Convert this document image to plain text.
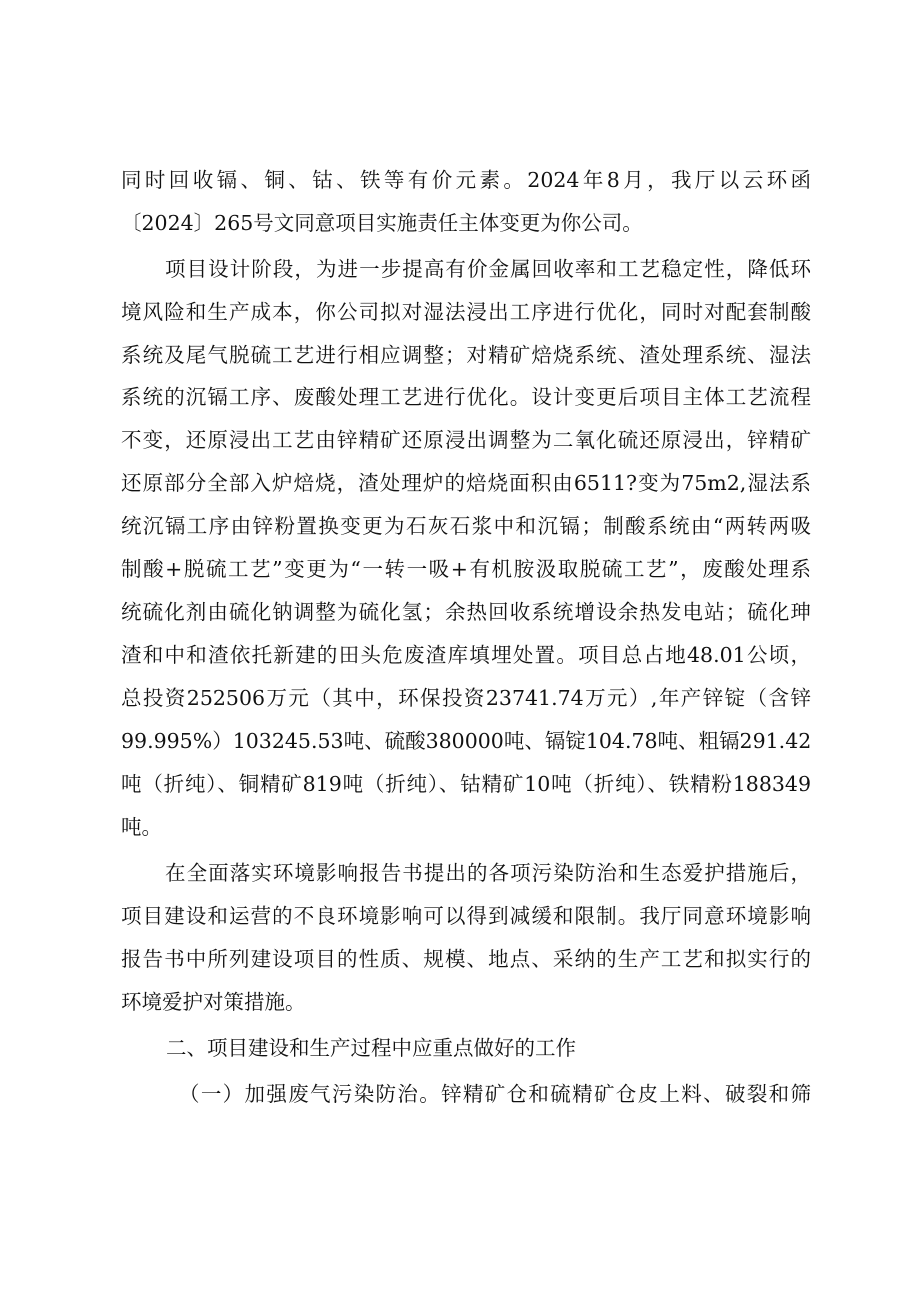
同时回收镉、铜、钴、铁等有价元素。2024年8月，我厅以云环函
〔2024〕265号文同意项目实施责任主体变更为你公司。
项目设计阶段，为进一步提高有价金属回收率和工艺稳定性，降低环
境风险和生产成本，你公司拟对湿法浸出工序进行优化，同时对配套制酸
系统及尾气脱硫工艺进行相应调整；对精矿焙烧系统、渣处理系统、湿法
系统的沉镉工序、废酸处理工艺进行优化。设计变更后项目主体工艺流程
不变，还原浸出工艺由锌精矿还原浸出调整为二氧化硫还原浸出，锌精矿
还原部分全部入炉焙烧，渣处理炉的焙烧面积由6511?变为75m2,湿法系
统沉镉工序由锌粉置换变更为石灰石浆中和沉镉；制酸系统由“两转两吸
制酸+脱硫工艺”变更为“一转一吸+有机胺汲取脱硫工艺”，废酸处理系
统硫化剂由硫化钠调整为硫化氢；余热回收系统增设余热发电站；硫化珅
渣和中和渣依托新建的田头危废渣库填埋处置。项目总占地48.01公顷，
总投资252506万元（其中，环保投资23741.74万元）,年产锌锭（含锌
99.995%）103245.53吨、硫酸380000吨、镉锭104.78吨、粗镉291.42
吨（折纯）、铜精矿819吨（折纯）、钴精矿10吨（折纯）、铁精粉188349
吨。
在全面落实环境影响报告书提出的各项污染防治和生态爱护措施后，
项目建设和运营的不良环境影响可以得到减缓和限制。我厅同意环境影响
报告书中所列建设项目的性质、规模、地点、采纳的生产工艺和拟实行的
环境爱护对策措施。
二、项目建设和生产过程中应重点做好的工作
（一）加强废气污染防治。锌精矿仓和硫精矿仓皮上料、破裂和筛
